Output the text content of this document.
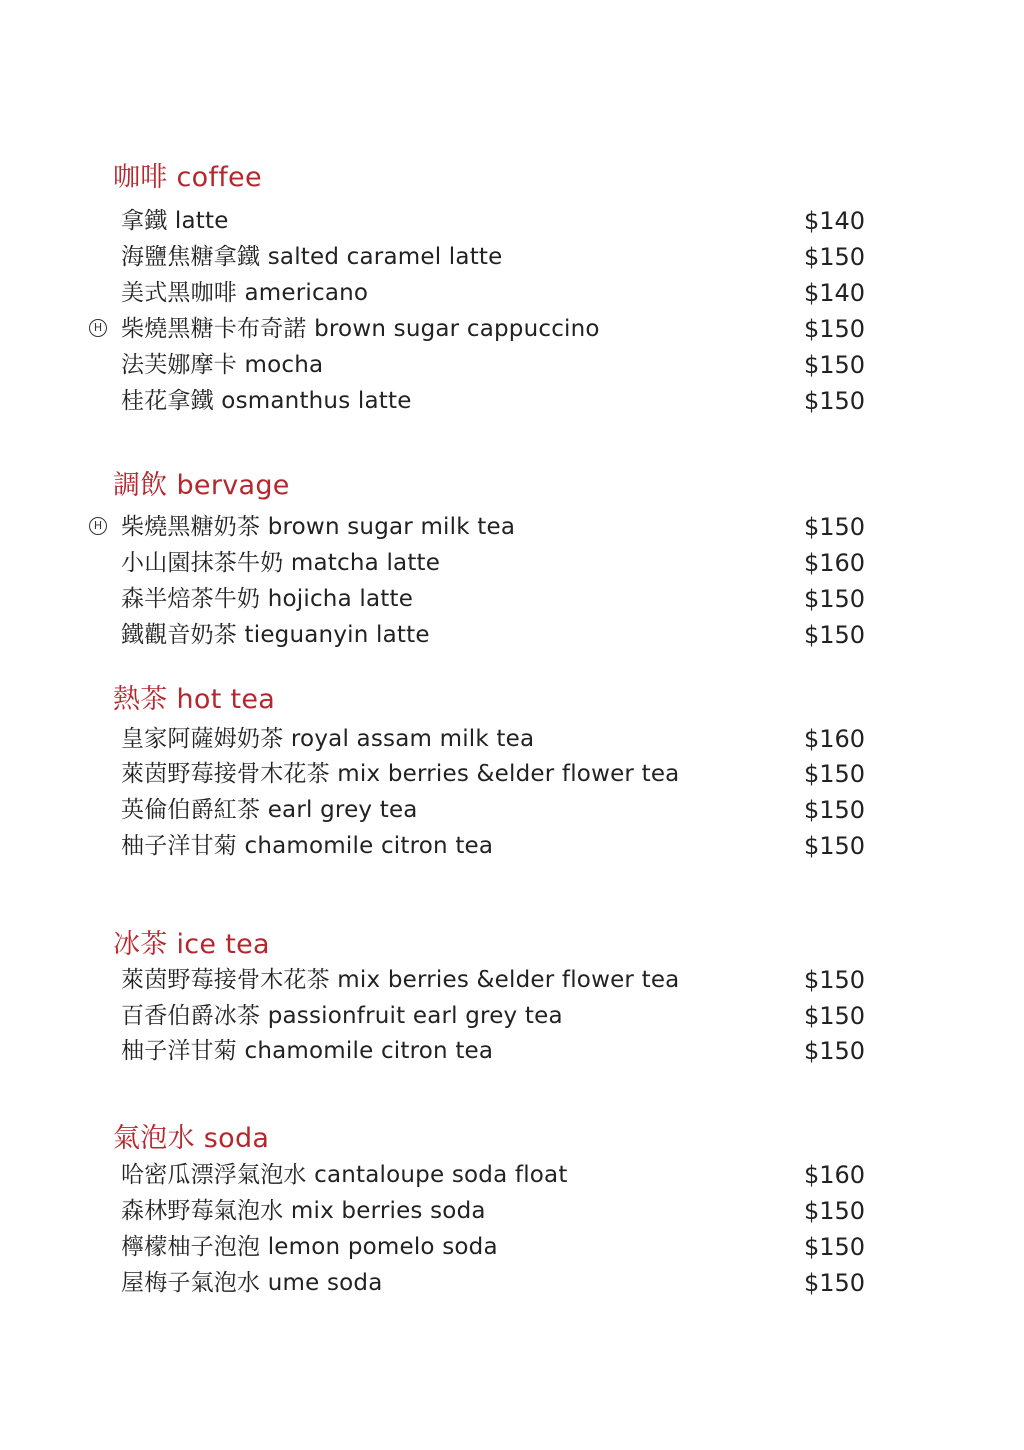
咖啡 coffee
拿鐵 latte	$140
海鹽焦糖拿鐵 salted caramel latte	$150
美式黑咖啡 americano	$140
H 柴燒黑糖卡布奇諾 brown sugar cappuccino	$150
法芙娜摩卡 mocha	$150
桂花拿鐵 osmanthus latte	$150
調飲 bervage
H 柴燒黑糖奶茶 brown sugar milk tea	$150
小山園抹茶牛奶 matcha latte	$160
森半焙茶牛奶 hojicha latte	$150
鐵觀音奶茶 tieguanyin latte	$150
熱茶 hot tea
皇家阿薩姆奶茶 royal assam milk tea	$160
萊茵野莓接骨木花茶 mix berries &elder flower tea	$150
英倫伯爵紅茶 earl grey tea	$150
柚子洋甘菊 chamomile citron tea	$150
冰茶 ice tea
萊茵野莓接骨木花茶 mix berries &elder flower tea	$150
百香伯爵冰茶 passionfruit earl grey tea	$150
柚子洋甘菊 chamomile citron tea	$150
氣泡水 soda
哈密瓜漂浮氣泡水 cantaloupe soda float	$160
森林野莓氣泡水 mix berries soda	$150
檸檬柚子泡泡 lemon pomelo soda	$150
屋梅子氣泡水 ume soda	$150
